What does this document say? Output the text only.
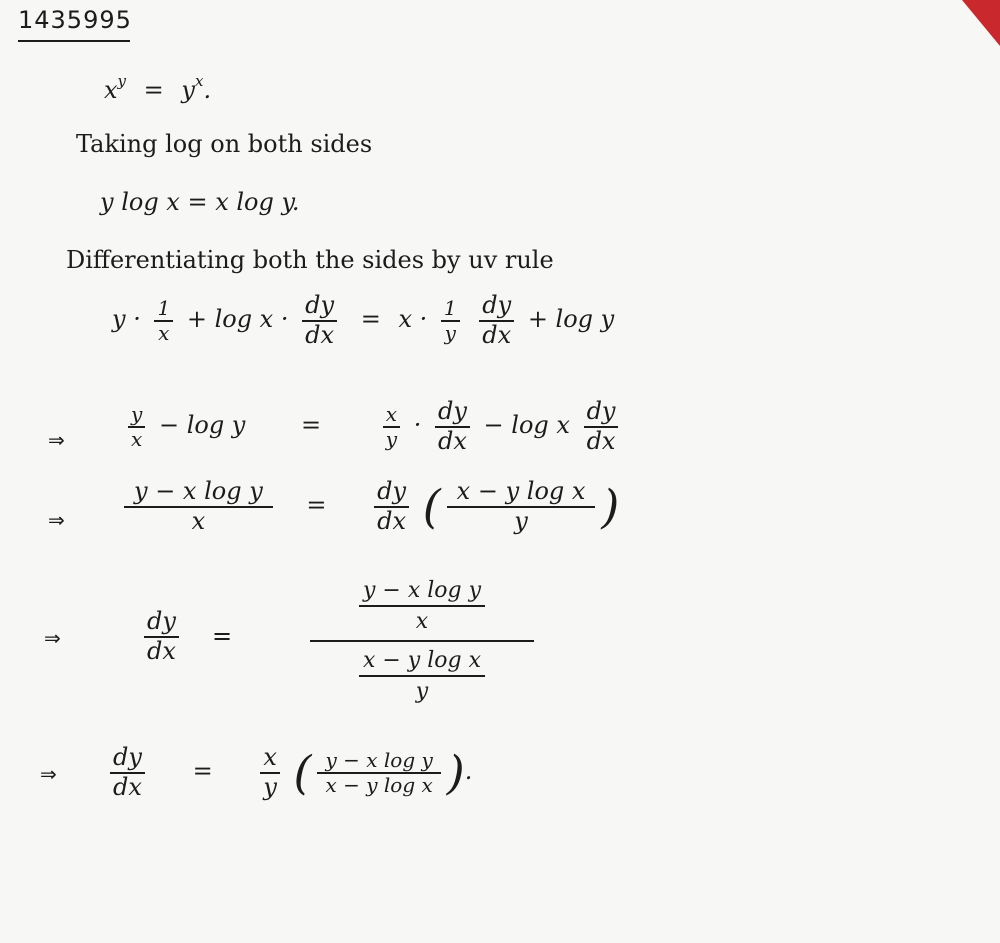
1435995
$x^y = y^x$.
Taking log on both sides
y log x = x log y.
Differentiating both the sides by uv rule
$y \cdot \frac{1}{x} + \log x \cdot \frac{dy}{dx} = x \cdot \frac{1}{y}$
$\frac{dy}{dx} + \log y$
⇒	$\frac{y}{x} - \log y$ =	$\frac{x}{y} \cdot \frac{dy}{dx} - \log x \frac{dy}{dx}$
⇒ $\frac{\text{y − x log y}}{x} = \frac{dy}{dx}$ ( $\frac{\text{x − y log x}}{y}$ )
⇒	$\frac{dy}{dx}$ =	$\frac{\frac{\text{y − x log y}}{x}}{\frac{\text{x − y log x}}{y}}$
⇒ $\frac{dy}{dx} = \frac{x}{y}$ ( $\frac{\text{y − x log y}}{\text{x − y log x}}$ ).
